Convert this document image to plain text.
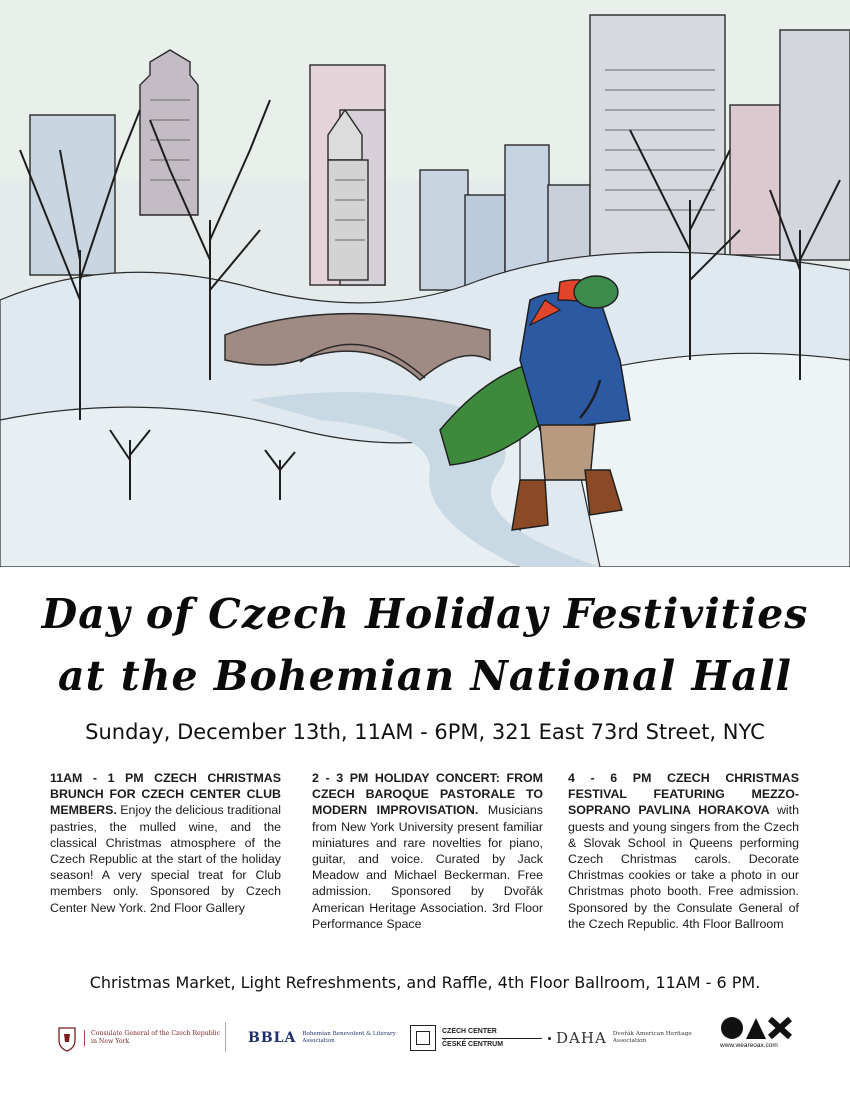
Day of Czech Holiday Festivities
at the Bohemian National Hall
Sunday, December 13th, 11AM - 6PM, 321 East 73rd Street, NYC
11AM - 1 PM CZECH CHRISTMAS BRUNCH FOR CZECH CENTER CLUB MEMBERS. Enjoy the delicious traditional pastries, the mulled wine, and the classical Christmas atmosphere of the Czech Republic at the start of the holiday season! A very special treat for Club members only. Sponsored by Czech Center New York. 2nd Floor Gallery
2 - 3 PM HOLIDAY CONCERT: FROM CZECH BAROQUE PASTORALE TO MODERN IMPROVISATION. Musicians from New York University present familiar miniatures and rare novelties for piano, guitar, and voice. Curated by Jack Meadow and Michael Beckerman. Free admission. Sponsored by Dvořák American Heritage Association. 3rd Floor Performance Space
4 - 6 PM CZECH CHRISTMAS FESTIVAL FEATURING MEZZO-SOPRANO PAVLINA HORAKOVA with guests and young singers from the Czech & Slovak School in Queens performing Czech Christmas carols. Decorate Christmas cookies or take a photo in our Christmas photo booth. Free admission. Sponsored by the Consulate General of the Czech Republic. 4th Floor Ballroom
Christmas Market, Light Refreshments, and Raffle, 4th Floor Ballroom, 11AM - 6 PM.
Consulate General of the Czech Republic in New York	BBLA Bohemian Benevolent & Literary Association
CZECH CENTER
ČESKÉ CENTRUM	DAHA Dvořák American Heritage Association
www.weareoax.com
